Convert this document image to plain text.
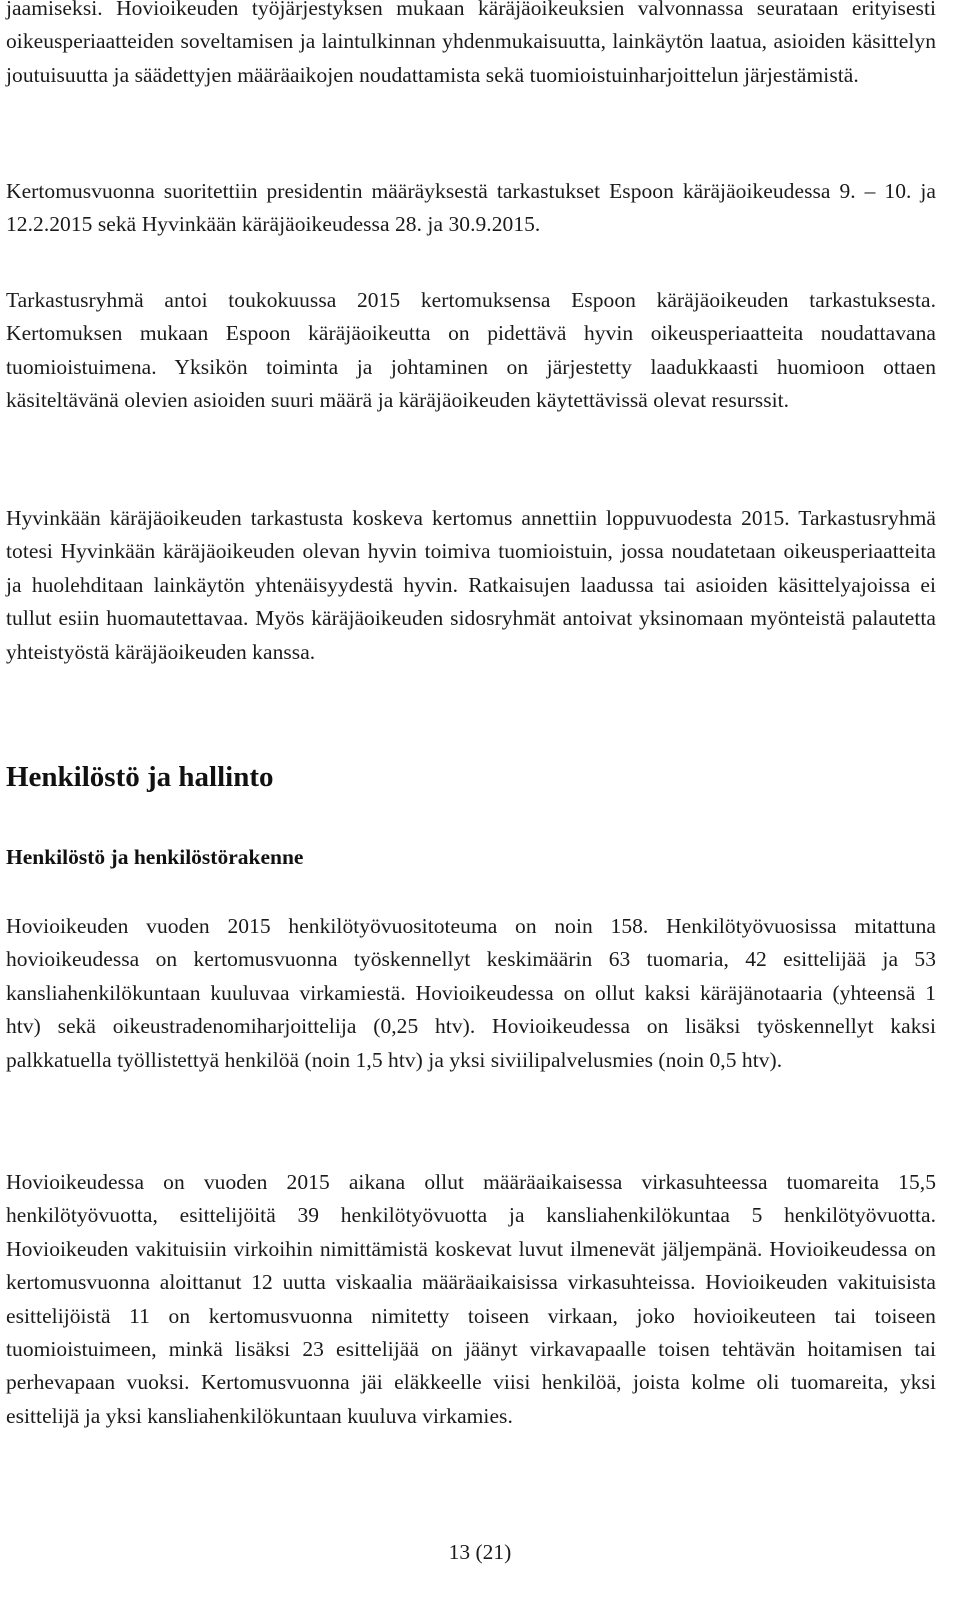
jaamiseksi. Hovioikeuden työjärjestyksen mukaan käräjäoikeuksien valvonnassa seurataan erityisesti oikeusperiaatteiden soveltamisen ja laintulkinnan yhdenmukaisuutta, lainkäytön laatua, asioiden käsittelyn joutuisuutta ja säädettyjen määräaikojen noudattamista sekä tuomioistuinharjoittelun järjestämistä.

Kertomusvuonna suoritettiin presidentin määräyksestä tarkastukset Espoon käräjäoikeudessa 9. – 10. ja 12.2.2015 sekä Hyvinkään käräjäoikeudessa 28. ja 30.9.2015.

Tarkastusryhmä antoi toukokuussa 2015 kertomuksensa Espoon käräjäoikeuden tarkastuksesta. Kertomuksen mukaan Espoon käräjäoikeutta on pidettävä hyvin oikeusperiaatteita noudattavana tuomioistuimena. Yksikön toiminta ja johtaminen on järjestetty laadukkaasti huomioon ottaen käsiteltävänä olevien asioiden suuri määrä ja käräjäoikeuden käytettävissä olevat resurssit.

Hyvinkään käräjäoikeuden tarkastusta koskeva kertomus annettiin loppuvuodesta 2015. Tarkastusryhmä totesi Hyvinkään käräjäoikeuden olevan hyvin toimiva tuomioistuin, jossa noudatetaan oikeusperiaatteita ja huolehditaan lainkäytön yhtenäisyydestä hyvin. Ratkaisujen laadussa tai asioiden käsittelyajoissa ei tullut esiin huomautettavaa. Myös käräjäoikeuden sidosryhmät antoivat yksinomaan myönteistä palautetta yhteistyöstä käräjäoikeuden kanssa.

Henkilöstö ja hallinto
Henkilöstö ja henkilöstörakenne

Hovioikeuden vuoden 2015 henkilötyövuositoteuma on noin 158. Henkilötyövuosissa mitattuna hovioikeudessa on kertomusvuonna työskennellyt keskimäärin 63 tuomaria, 42 esittelijää ja 53 kansliahenkilökuntaan kuuluvaa virkamiestä. Hovioikeudessa on ollut kaksi käräjänotaaria (yhteensä 1 htv) sekä oikeustradenomiharjoittelija (0,25 htv). Hovioikeudessa on lisäksi työskennellyt kaksi palkkatuella työllistettyä henkilöä (noin 1,5 htv) ja yksi siviilipalvelusmies (noin 0,5 htv).

Hovioikeudessa on vuoden 2015 aikana ollut määräaikaisessa virkasuhteessa tuomareita 15,5 henkilötyövuotta, esittelijöitä 39 henkilötyövuotta ja kansliahenkilökuntaa 5 henkilötyövuotta. Hovioikeuden vakituisiin virkoihin nimittämistä koskevat luvut ilmenevät jäljempänä. Hovioikeudessa on kertomusvuonna aloittanut 12 uutta viskaalia määräaikaisissa virkasuhteissa. Hovioikeuden vakituisista esittelijöistä 11 on kertomusvuonna nimitetty toiseen virkaan, joko hovioikeuteen tai toiseen tuomioistuimeen, minkä lisäksi 23 esittelijää on jäänyt virkavapaalle toisen tehtävän hoitamisen tai perhevapaan vuoksi. Kertomusvuonna jäi eläkkeelle viisi henkilöä, joista kolme oli tuomareita, yksi esittelijä ja yksi kansliahenkilökuntaan kuuluva virkamies.

13 (21)
